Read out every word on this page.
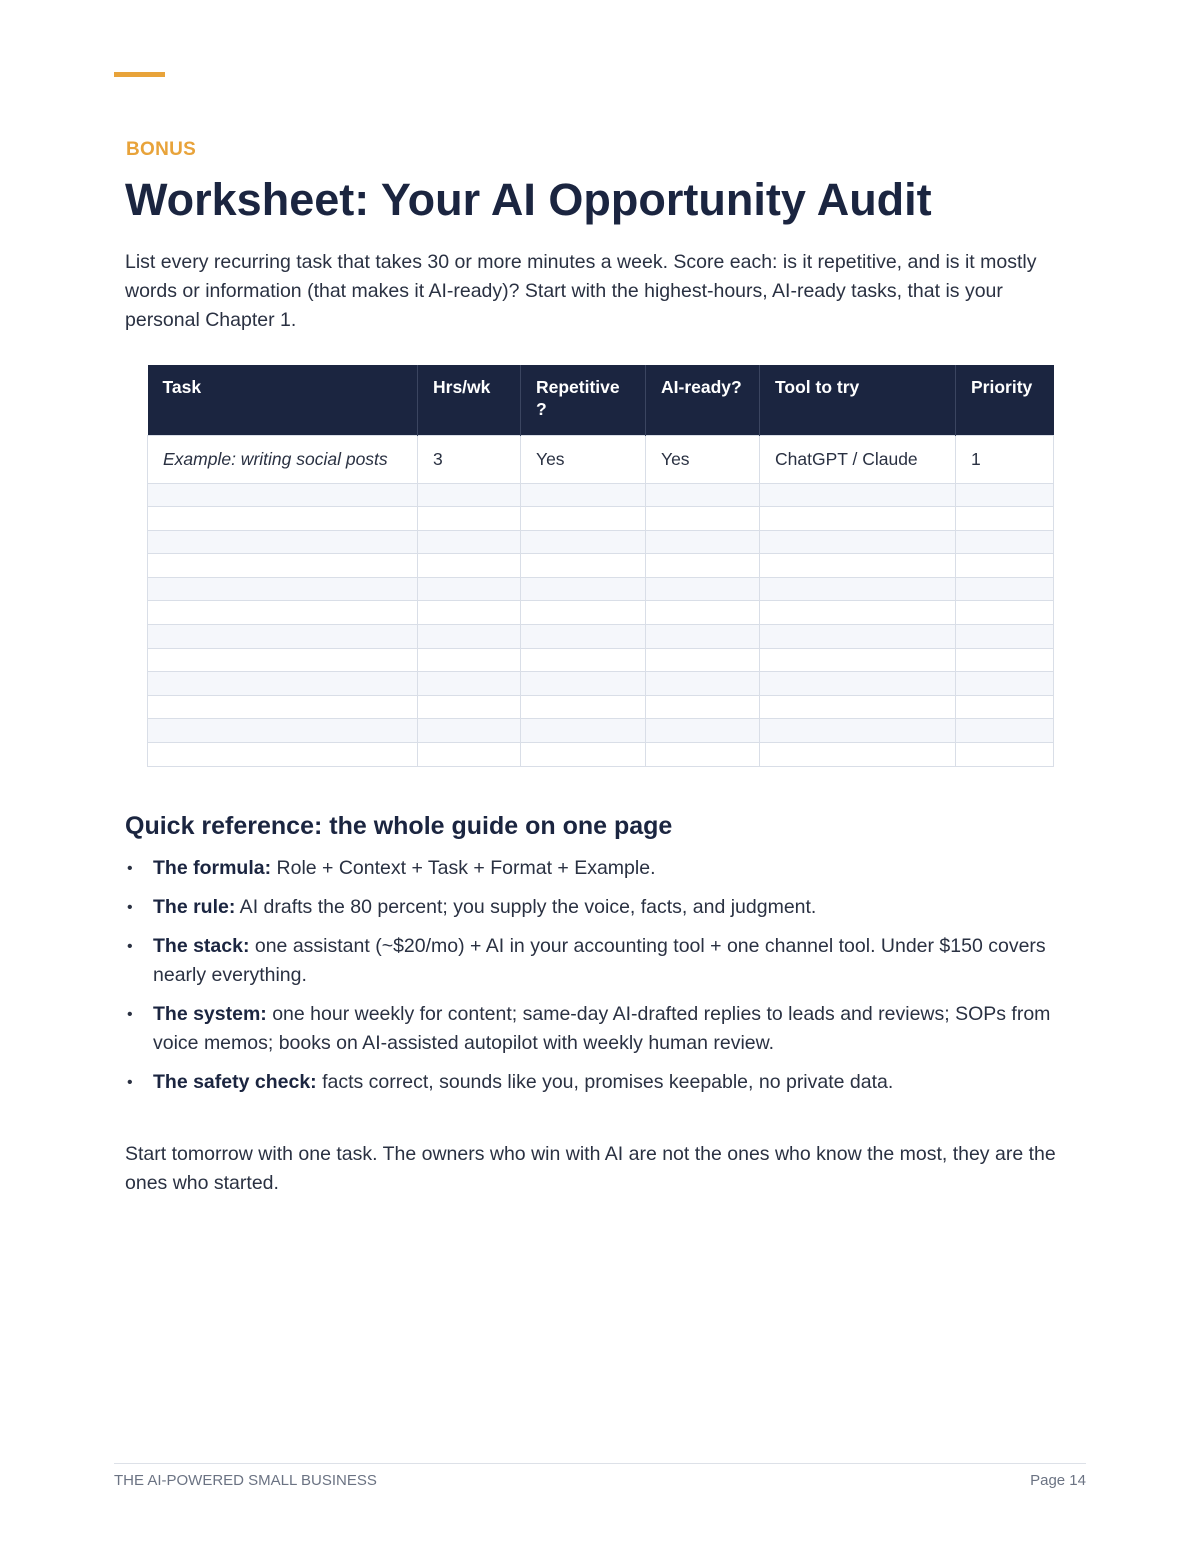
BONUS
Worksheet: Your AI Opportunity Audit

List every recurring task that takes 30 or more minutes a week. Score each: is it repetitive, and is it mostly words or information (that makes it AI-ready)? Start with the highest-hours, AI-ready tasks, that is your personal Chapter 1.

Task	Hrs/wk	Repetitive ?	AI-ready?	Tool to try	Priority
Example: writing social posts	3	Yes	Yes	ChatGPT / Claude	1

Quick reference: the whole guide on one page
• The formula: Role + Context + Task + Format + Example.
• The rule: AI drafts the 80 percent; you supply the voice, facts, and judgment.
• The stack: one assistant (~$20/mo) + AI in your accounting tool + one channel tool. Under $150 covers nearly everything.
• The system: one hour weekly for content; same-day AI-drafted replies to leads and reviews; SOPs from voice memos; books on AI-assisted autopilot with weekly human review.
• The safety check: facts correct, sounds like you, promises keepable, no private data.

Start tomorrow with one task. The owners who win with AI are not the ones who know the most, they are the ones who started.

THE AI-POWERED SMALL BUSINESS	Page 14
